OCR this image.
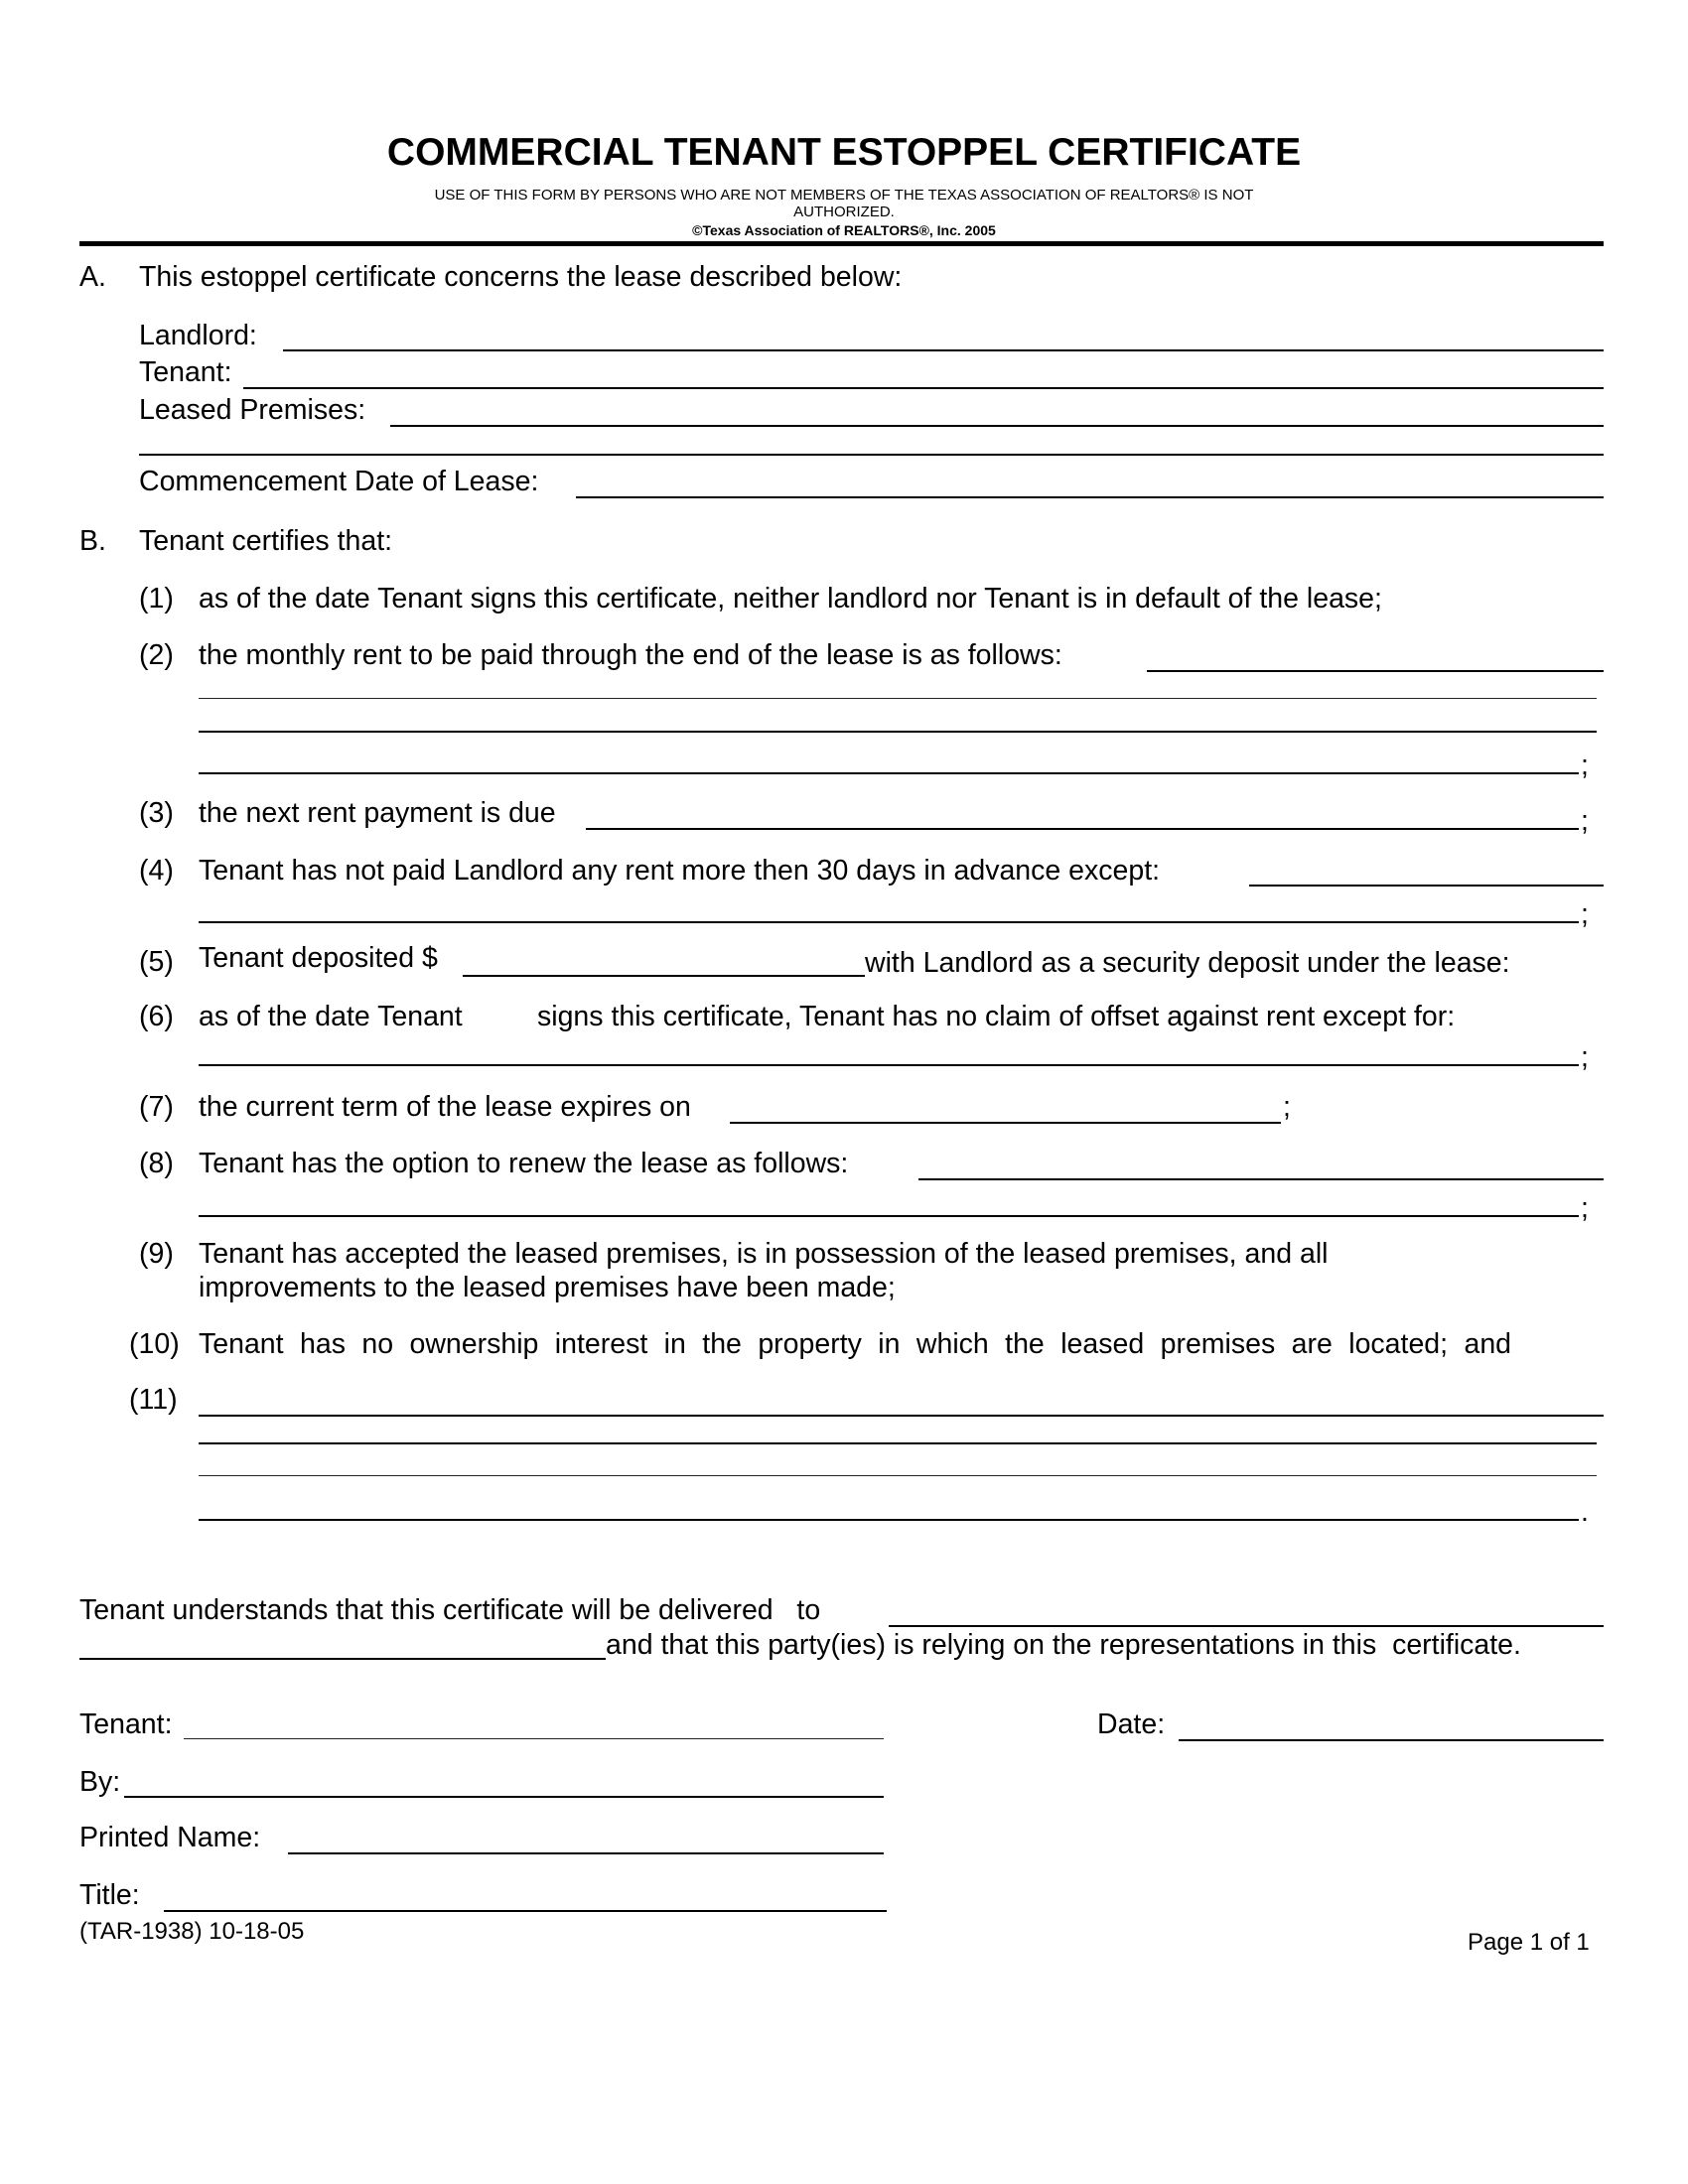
COMMERCIAL TENANT ESTOPPEL CERTIFICATE
USE OF THIS FORM BY PERSONS WHO ARE NOT MEMBERS OF THE TEXAS ASSOCIATION OF REALTORS® IS NOT
AUTHORIZED.
©Texas Association of REALTORS®, Inc. 2005
A. This estoppel certificate concerns the lease described below:
Landlord:
Tenant:
Leased Premises:
Commencement Date of Lease:
B. Tenant certifies that:
(1) as of the date Tenant signs this certificate, neither landlord nor Tenant is in default of the lease;
(2) the monthly rent to be paid through the end of the lease is as follows:
;
(3) the next rent payment is due	;
(4) Tenant has not paid Landlord any rent more then 30 days in advance except:
;
(5) Tenant deposited $	with Landlord as a security deposit under the lease:
(6) as of the date Tenant	signs this certificate, Tenant has no claim of offset against rent except for:
;
(7) the current term of the lease expires on	;
(8) Tenant has the option to renew the lease as follows:
;
(9) Tenant has accepted the leased premises, is in possession of the leased premises, and all
improvements to the leased premises have been made;
(10) Tenant has no ownership interest in the property in which the leased premises are located; and
(11)
.
Tenant understands that this certificate will be delivered   to
and that this party(ies) is relying on the representations in this  certificate.
Tenant:	Date:
By:
Printed Name:
Title:
(TAR-1938) 10-18-05	Page 1 of 1
